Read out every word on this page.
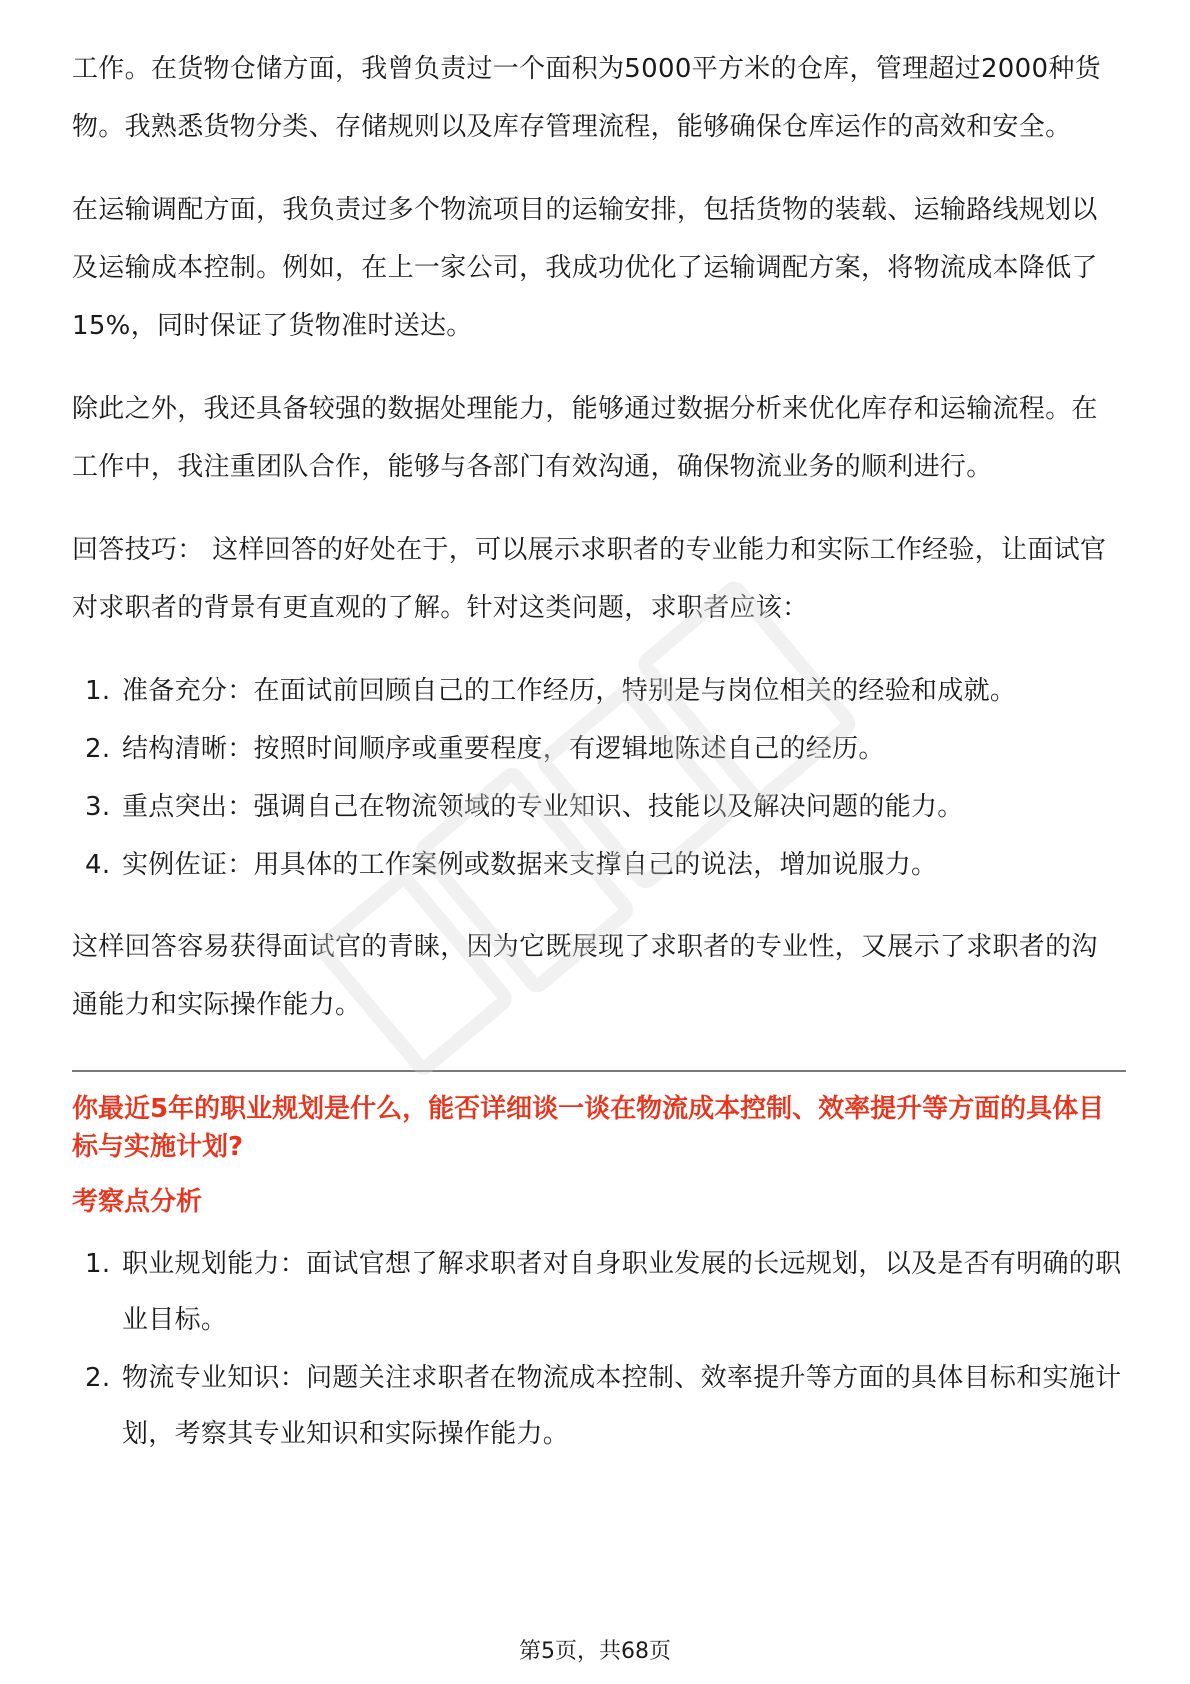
工作。在货物仓储方面，我曾负责过一个面积为5000平方米的仓库，管理超过2000种货物。我熟悉货物分类、存储规则以及库存管理流程，能够确保仓库运作的高效和安全。

在运输调配方面，我负责过多个物流项目的运输安排，包括货物的装载、运输路线规划以及运输成本控制。例如，在上一家公司，我成功优化了运输调配方案，将物流成本降低了15%，同时保证了货物准时送达。

除此之外，我还具备较强的数据处理能力，能够通过数据分析来优化库存和运输流程。在工作中，我注重团队合作，能够与各部门有效沟通，确保物流业务的顺利进行。

回答技巧： 这样回答的好处在于，可以展示求职者的专业能力和实际工作经验，让面试官对求职者的背景有更直观的了解。针对这类问题，求职者应该：

1. 准备充分：在面试前回顾自己的工作经历，特别是与岗位相关的经验和成就。
2. 结构清晰：按照时间顺序或重要程度，有逻辑地陈述自己的经历。
3. 重点突出：强调自己在物流领域的专业知识、技能以及解决问题的能力。
4. 实例佐证：用具体的工作案例或数据来支撑自己的说法，增加说服力。

这样回答容易获得面试官的青睐，因为它既展现了求职者的专业性，又展示了求职者的沟通能力和实际操作能力。

你最近5年的职业规划是什么，能否详细谈一谈在物流成本控制、效率提升等方面的具体目标与实施计划?
考察点分析
1. 职业规划能力：面试官想了解求职者对自身职业发展的长远规划，以及是否有明确的职业目标。
2. 物流专业知识：问题关注求职者在物流成本控制、效率提升等方面的具体目标和实施计划，考察其专业知识和实际操作能力。
第5页，共68页
